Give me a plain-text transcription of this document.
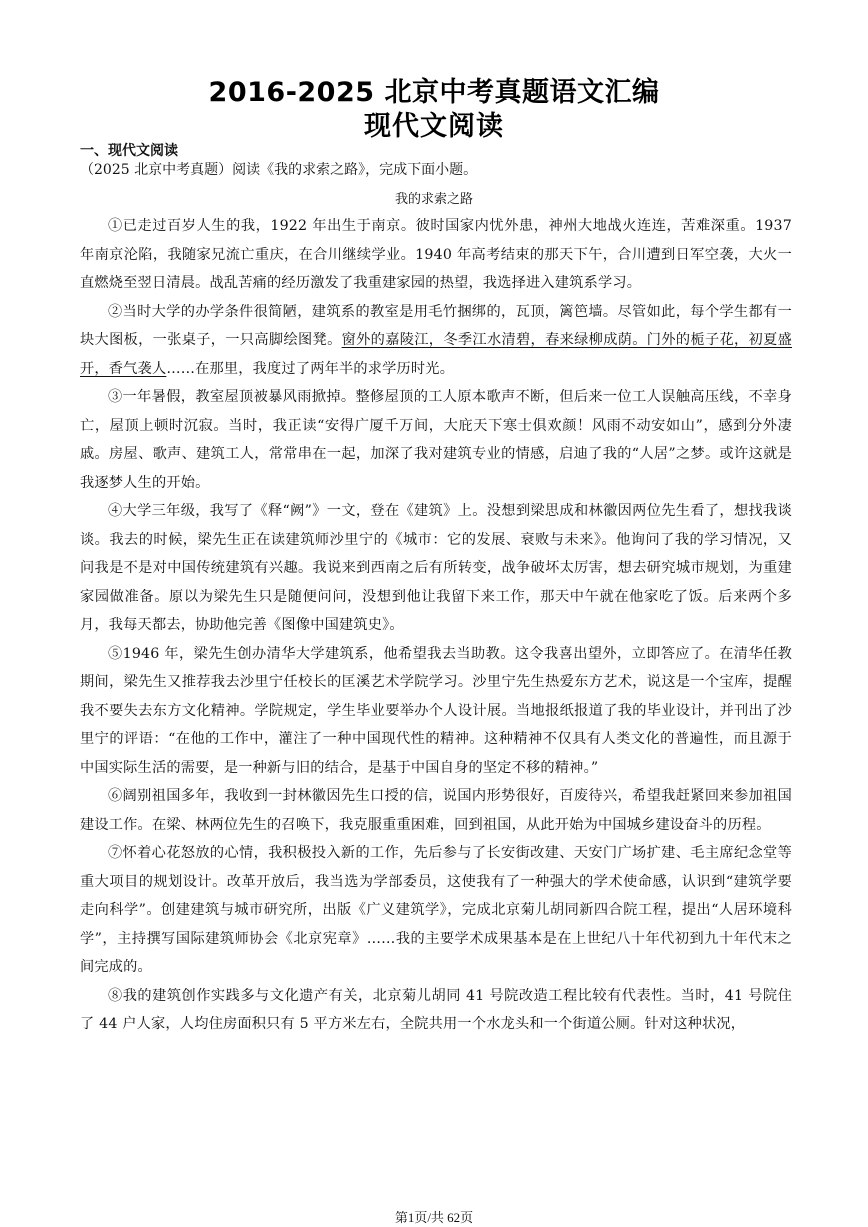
2016-2025 北京中考真题语文汇编
现代文阅读
一、现代文阅读
（2025 北京中考真题）阅读《我的求索之路》，完成下面小题。
我的求索之路

①已走过百岁人生的我，1922 年出生于南京。彼时国家内忧外患，神州大地战火连连，苦难深重。1937 年南京沦陷，我随家兄流亡重庆，在合川继续学业。1940 年高考结束的那天下午，合川遭到日军空袭，大火一直燃烧至翌日清晨。战乱苦痛的经历激发了我重建家园的热望，我选择进入建筑系学习。

②当时大学的办学条件很简陋，建筑系的教室是用毛竹捆绑的，瓦顶，篱笆墙。尽管如此，每个学生都有一块大图板，一张桌子，一只高脚绘图凳。窗外的嘉陵江，冬季江水清碧，春来绿柳成荫。门外的栀子花，初夏盛开，香气袭人……在那里，我度过了两年半的求学历时光。

③一年暑假，教室屋顶被暴风雨掀掉。整修屋顶的工人原本歌声不断，但后来一位工人误触高压线，不幸身亡，屋顶上顿时沉寂。当时，我正读“安得广厦千万间，大庇天下寒士俱欢颜！风雨不动安如山”，感到分外凄戚。房屋、歌声、建筑工人，常常串在一起，加深了我对建筑专业的情感，启迪了我的“人居”之梦。或许这就是我逐梦人生的开始。

④大学三年级，我写了《释“阙”》一文，登在《建筑》上。没想到梁思成和林徽因两位先生看了，想找我谈谈。我去的时候，梁先生正在读建筑师沙里宁的《城市：它的发展、衰败与未来》。他询问了我的学习情况，又问我是不是对中国传统建筑有兴趣。我说来到西南之后有所转变，战争破坏太厉害，想去研究城市规划，为重建家园做准备。原以为梁先生只是随便问问，没想到他让我留下来工作，那天中午就在他家吃了饭。后来两个多月，我每天都去，协助他完善《图像中国建筑史》。

⑤1946 年，梁先生创办清华大学建筑系，他希望我去当助教。这令我喜出望外，立即答应了。在清华任教期间，梁先生又推荐我去沙里宁任校长的匡溪艺术学院学习。沙里宁先生热爱东方艺术，说这是一个宝库，提醒我不要失去东方文化精神。学院规定，学生毕业要举办个人设计展。当地报纸报道了我的毕业设计，并刊出了沙里宁的评语：“在他的工作中，灌注了一种中国现代性的精神。这种精神不仅具有人类文化的普遍性，而且源于中国实际生活的需要，是一种新与旧的结合，是基于中国自身的坚定不移的精神。”

⑥阔别祖国多年，我收到一封林徽因先生口授的信，说国内形势很好，百废待兴，希望我赶紧回来参加祖国建设工作。在梁、林两位先生的召唤下，我克服重重困难，回到祖国，从此开始为中国城乡建设奋斗的历程。

⑦怀着心花怒放的心情，我积极投入新的工作，先后参与了长安街改建、天安门广场扩建、毛主席纪念堂等重大项目的规划设计。改革开放后，我当选为学部委员，这使我有了一种强大的学术使命感，认识到“建筑学要走向科学”。创建建筑与城市研究所，出版《广义建筑学》，完成北京菊儿胡同新四合院工程，提出“人居环境科学”，主持撰写国际建筑师协会《北京宪章》……我的主要学术成果基本是在上世纪八十年代初到九十年代末之间完成的。

⑧我的建筑创作实践多与文化遗产有关，北京菊儿胡同 41 号院改造工程比较有代表性。当时，41 号院住了 44 户人家，人均住房面积只有 5 平方米左右，全院共用一个水龙头和一个街道公厕。针对这种状况，

第1页/共 62页
